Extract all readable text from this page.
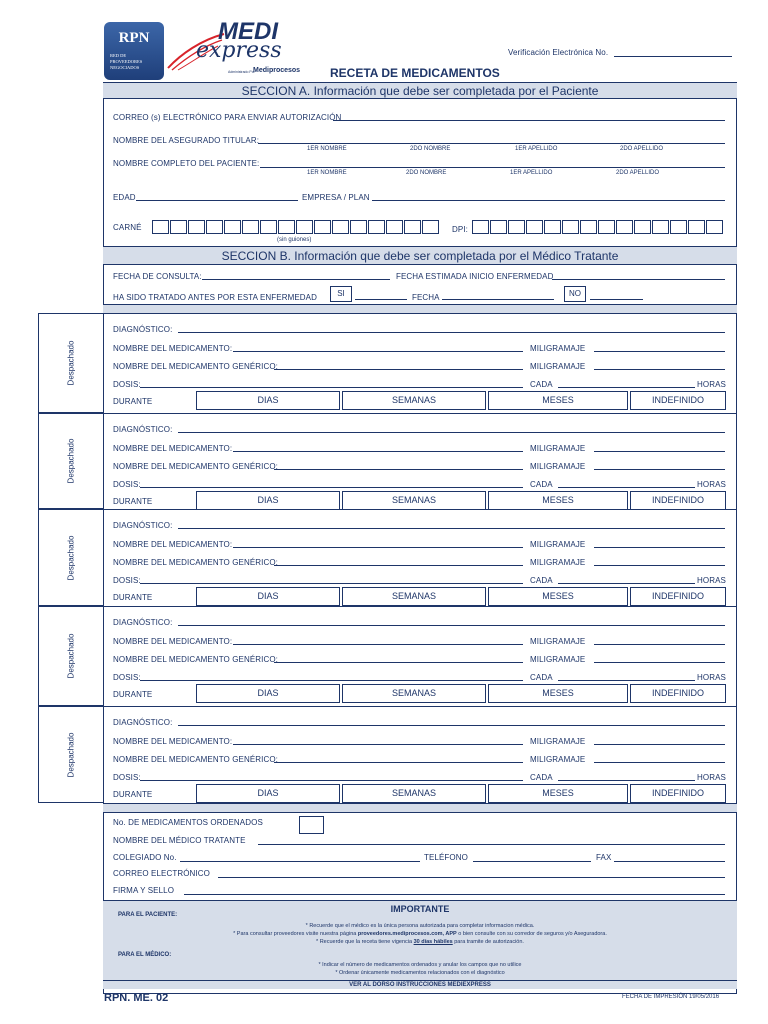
RPN
RED DE
PROVEEDORES
NEGOCIADOS
MEDI
express
Administrado Por
Mediprocesos
Verificación Electrónica No.
RECETA DE MEDICAMENTOS
SECCION A. Información que debe ser completada por el Paciente
CORREO (s) ELECTRÓNICO PARA ENVIAR AUTORIZACIÓN
NOMBRE DEL ASEGURADO TITULAR:
1ER NOMBRE	2DO NOMBRE	1ER APELLIDO	2DO APELLIDO
NOMBRE COMPLETO DEL PACIENTE:
1ER NOMBRE	2DO NOMBRE	1ER APELLIDO	2DO APELLIDO
EDAD	EMPRESA / PLAN
CARNÉ
(sin guiones)
DPI:
SECCION B. Información que debe ser completada por el Médico Tratante
FECHA DE CONSULTA:	FECHA ESTIMADA INICIO ENFERMEDAD
HA SIDO TRATADO ANTES POR ESTA ENFERMEDAD	SI	FECHA	NO
Despachado
DIAGNÓSTICO:
NOMBRE DEL MEDICAMENTO:	MILIGRAMAJE
NOMBRE DEL MEDICAMENTO GENÉRICO:	MILIGRAMAJE
DOSIS:	CADA	HORAS
DURANTE	DIAS	SEMANAS	MESES	INDEFINIDO
Despachado
DIAGNÓSTICO:
NOMBRE DEL MEDICAMENTO:	MILIGRAMAJE
NOMBRE DEL MEDICAMENTO GENÉRICO:	MILIGRAMAJE
DOSIS:	CADA	HORAS
DURANTE	DIAS	SEMANAS	MESES	INDEFINIDO
Despachado
DIAGNÓSTICO:
NOMBRE DEL MEDICAMENTO:	MILIGRAMAJE
NOMBRE DEL MEDICAMENTO GENÉRICO:	MILIGRAMAJE
DOSIS:	CADA	HORAS
DURANTE	DIAS	SEMANAS	MESES	INDEFINIDO
Despachado
DIAGNÓSTICO:
NOMBRE DEL MEDICAMENTO:	MILIGRAMAJE
NOMBRE DEL MEDICAMENTO GENÉRICO:	MILIGRAMAJE
DOSIS:	CADA	HORAS
DURANTE	DIAS	SEMANAS	MESES	INDEFINIDO
Despachado
DIAGNÓSTICO:
NOMBRE DEL MEDICAMENTO:	MILIGRAMAJE
NOMBRE DEL MEDICAMENTO GENÉRICO:	MILIGRAMAJE
DOSIS:	CADA	HORAS
DURANTE	DIAS	SEMANAS	MESES	INDEFINIDO
No. DE MEDICAMENTOS ORDENADOS
NOMBRE DEL MÉDICO TRATANTE
COLEGIADO No.	TELÉFONO	FAX
CORREO ELECTRÓNICO
FIRMA Y SELLO
IMPORTANTE
PARA EL PACIENTE:
* Recuerde que el médico es la única persona autorizada para completar informacion médica.
* Para consultar proveedores visite nuestra página proveedores.mediprocesos.com, APP o bien consulte con su corredor de seguros y/o Aseguradora.
* Recuerde que la receta tiene vigencia 30 días hábiles para tramite de autorización.
PARA EL MÉDICO:
* Indicar el número de medicamentos ordenados y anular los campos que no utilice
* Ordenar únicamente medicamentos relacionados con el diagnóstico
VER AL DORSO INSTRUCCIONES MEDIEXPRESS
RPN. ME. 02	FECHA DE IMPRESIÓN 19/05/2016
